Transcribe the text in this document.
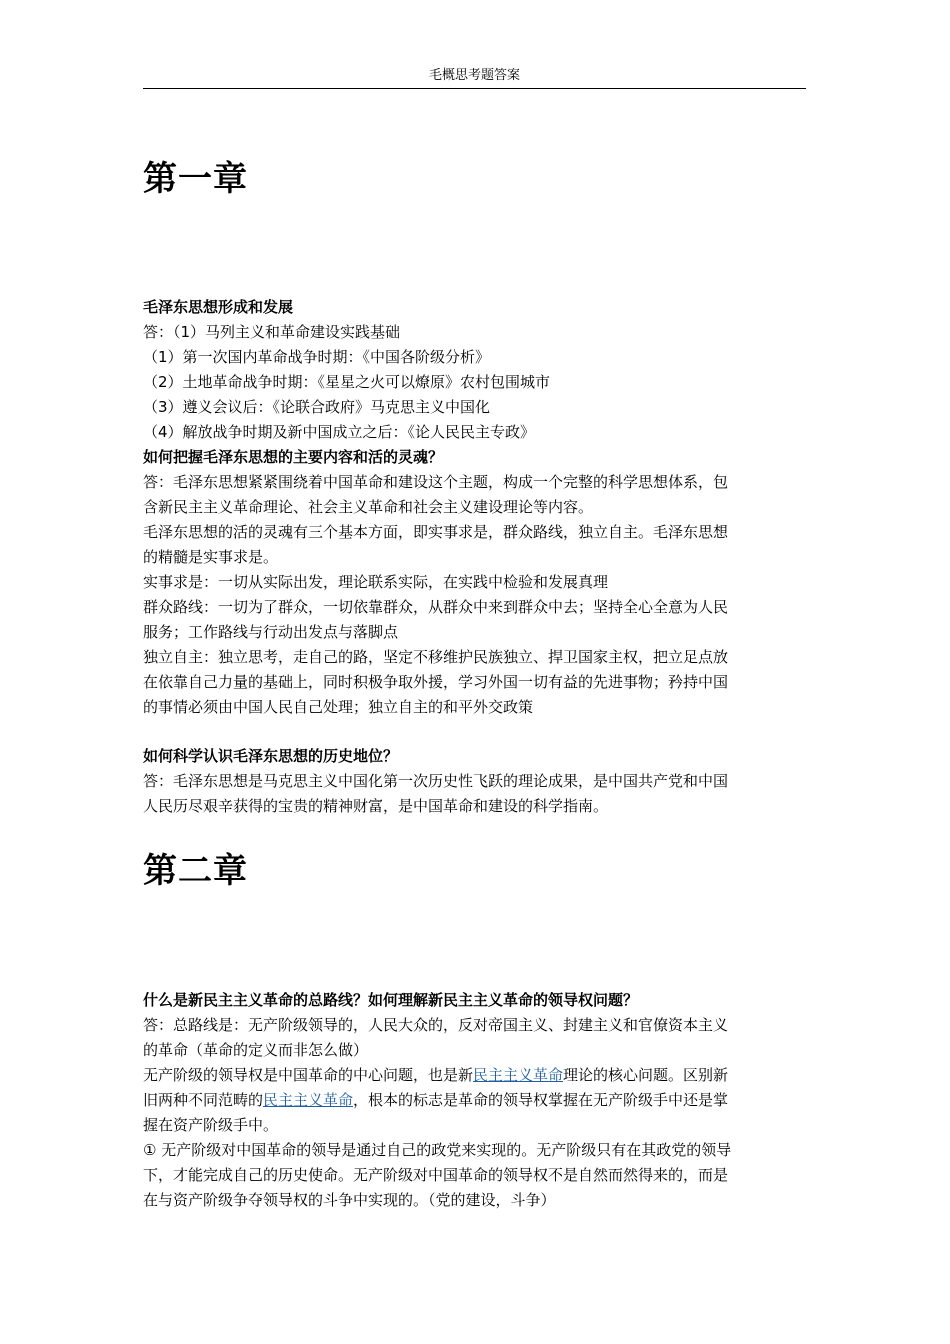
毛概思考题答案
第一章
毛泽东思想形成和发展
答：（1）马列主义和革命建设实践基础
（1）第一次国内革命战争时期：《中国各阶级分析》
（2）土地革命战争时期：《星星之火可以燎原》农村包围城市
（3）遵义会议后：《论联合政府》马克思主义中国化
（4）解放战争时期及新中国成立之后：《论人民民主专政》
如何把握毛泽东思想的主要内容和活的灵魂？
答：毛泽东思想紧紧围绕着中国革命和建设这个主题，构成一个完整的科学思想体系，包
含新民主主义革命理论、社会主义革命和社会主义建设理论等内容。
毛泽东思想的活的灵魂有三个基本方面，即实事求是，群众路线，独立自主。毛泽东思想
的精髓是实事求是。
实事求是：一切从实际出发，理论联系实际，在实践中检验和发展真理
群众路线：一切为了群众，一切依靠群众，从群众中来到群众中去；坚持全心全意为人民
服务；工作路线与行动出发点与落脚点
独立自主：独立思考，走自己的路，坚定不移维护民族独立、捍卫国家主权，把立足点放
在依靠自己力量的基础上，同时积极争取外援，学习外国一切有益的先进事物；矜持中国
的事情必须由中国人民自己处理；独立自主的和平外交政策
如何科学认识毛泽东思想的历史地位？
答：毛泽东思想是马克思主义中国化第一次历史性飞跃的理论成果，是中国共产党和中国
人民历尽艰辛获得的宝贵的精神财富，是中国革命和建设的科学指南。
第二章
什么是新民主主义革命的总路线？如何理解新民主主义革命的领导权问题？
答：总路线是：无产阶级领导的，人民大众的，反对帝国主义、封建主义和官僚资本主义
的革命（革命的定义而非怎么做）
无产阶级的领导权是中国革命的中心问题，也是新民主主义革命理论的核心问题。区别新
旧两种不同范畴的民主主义革命，根本的标志是革命的领导权掌握在无产阶级手中还是掌
握在资产阶级手中。
① 无产阶级对中国革命的领导是通过自己的政党来实现的。无产阶级只有在其政党的领导
下，才能完成自己的历史使命。无产阶级对中国革命的领导权不是自然而然得来的，而是
在与资产阶级争夺领导权的斗争中实现的。（党的建设，斗争）
